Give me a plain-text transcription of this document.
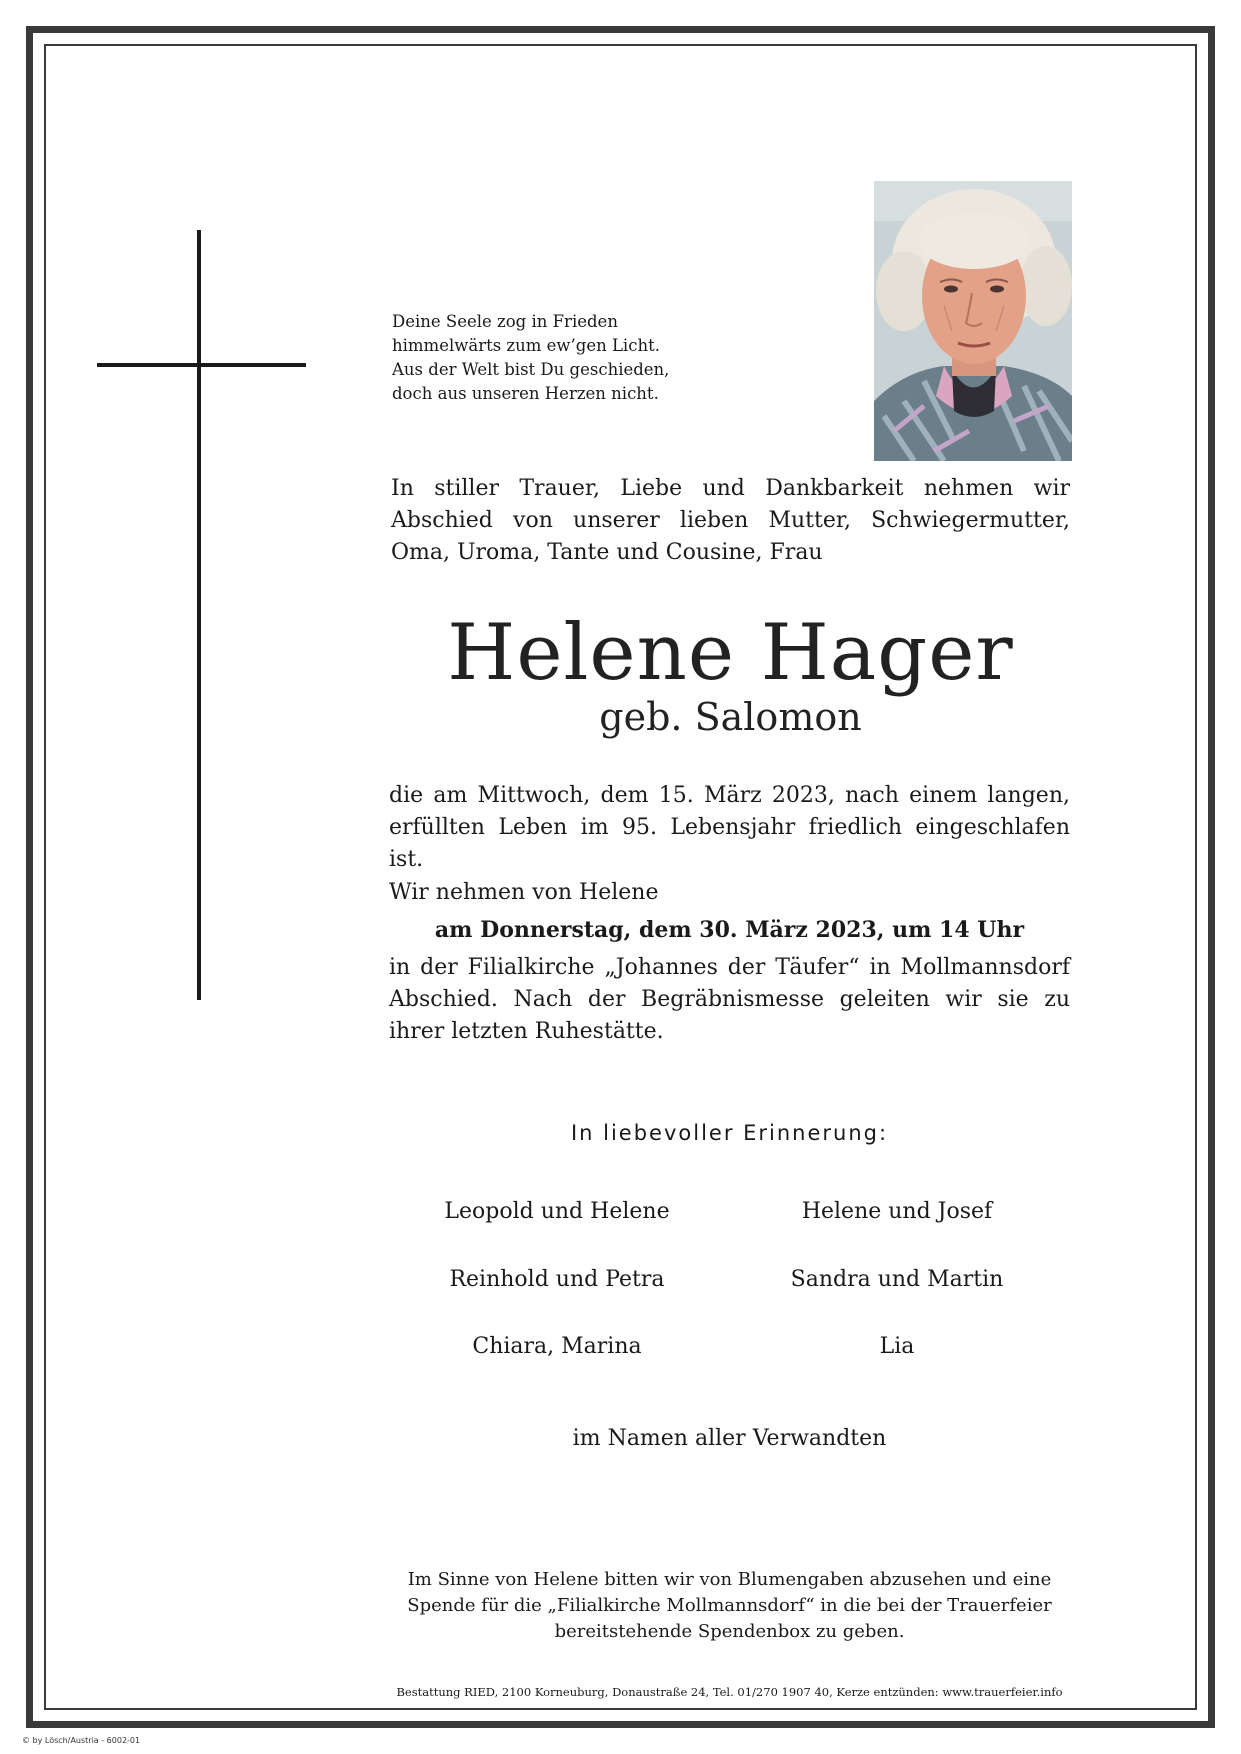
Deine Seele zog in Frieden
himmelwärts zum ew’gen Licht.
Aus der Welt bist Du geschieden,
doch aus unseren Herzen nicht.
In stiller Trauer, Liebe und Dankbarkeit nehmen wir Abschied von unserer lieben Mutter, Schwiegermutter, Oma, Uroma, Tante und Cousine, Frau
Helene Hager
geb. Salomon
die am Mittwoch, dem 15. März 2023, nach einem langen, erfüllten Leben im 95. Lebensjahr friedlich eingeschlafen ist.
Wir nehmen von Helene
am Donnerstag, dem 30. März 2023, um 14 Uhr
in der Filialkirche „Johannes der Täufer“ in Mollmannsdorf Abschied. Nach der Begräbnismesse geleiten wir sie zu ihrer letzten Ruhestätte.
In liebevoller Erinnerung:
Leopold und Helene
Reinhold und Petra
Chiara, Marina
Helene und Josef
Sandra und Martin
Lia
im Namen aller Verwandten
Im Sinne von Helene bitten wir von Blumengaben abzusehen und eine
Spende für die „Filialkirche Mollmannsdorf“ in die bei der Trauerfeier
bereitstehende Spendenbox zu geben.
Bestattung RIED, 2100 Korneuburg, Donaustraße 24, Tel. 01/270 1907 40, Kerze entzünden: www.trauerfeier.info
© by Lösch/Austria - 6002-01
